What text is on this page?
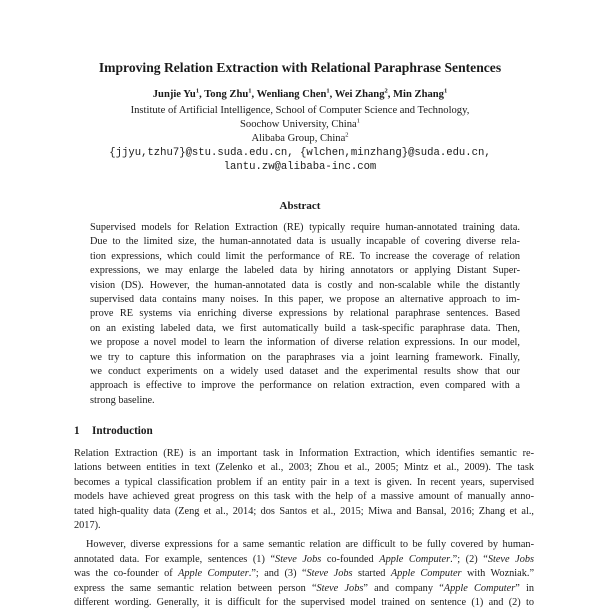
Improving Relation Extraction with Relational Paraphrase Sentences
Junjie Yu$^1$, Tong Zhu$^1$, Wenliang Chen$^1$, Wei Zhang$^2$, Min Zhang$^1$
Institute of Artificial Intelligence, School of Computer Science and Technology,
Soochow University, China$^1$
Alibaba Group, China$^2$
{jjyu,tzhu7}@stu.suda.edu.cn, {wlchen,minzhang}@suda.edu.cn,
lantu.zw@alibaba-inc.com
Abstract
Supervised models for Relation Extraction (RE) typically require human-annotated training data.
Due to the limited size, the human-annotated data is usually incapable of covering diverse rela-
tion expressions, which could limit the performance of RE. To increase the coverage of relation
expressions, we may enlarge the labeled data by hiring annotators or applying Distant Super-
vision (DS). However, the human-annotated data is costly and non-scalable while the distantly
supervised data contains many noises. In this paper, we propose an alternative approach to im-
prove RE systems via enriching diverse expressions by relational paraphrase sentences. Based
on an existing labeled data, we first automatically build a task-specific paraphrase data. Then,
we propose a novel model to learn the information of diverse relation expressions. In our model,
we try to capture this information on the paraphrases via a joint learning framework. Finally,
we conduct experiments on a widely used dataset and the experimental results show that our
approach is effective to improve the performance on relation extraction, even compared with a
strong baseline.
1 Introduction
Relation Extraction (RE) is an important task in Information Extraction, which identifies semantic re-
lations between entities in text (Zelenko et al., 2003; Zhou et al., 2005; Mintz et al., 2009). The task
becomes a typical classification problem if an entity pair in a text is given. In recent years, supervised
models have achieved great progress on this task with the help of a massive amount of manually anno-
tated high-quality data (Zeng et al., 2014; dos Santos et al., 2015; Miwa and Bansal, 2016; Zhang et al.,
2017).
However, diverse expressions for a same semantic relation are difficult to be fully covered by human-
annotated data. For example, sentences (1) “Steve Jobs co-founded Apple Computer.”; (2) “Steve Jobs
was the co-founder of Apple Computer.”; and (3) “Steve Jobs started Apple Computer with Wozniak.”
express the same semantic relation between person “Steve Jobs” and company “Apple Computer” in
different wording. Generally, it is difficult for the supervised model trained on sentence (1) and (2) to
